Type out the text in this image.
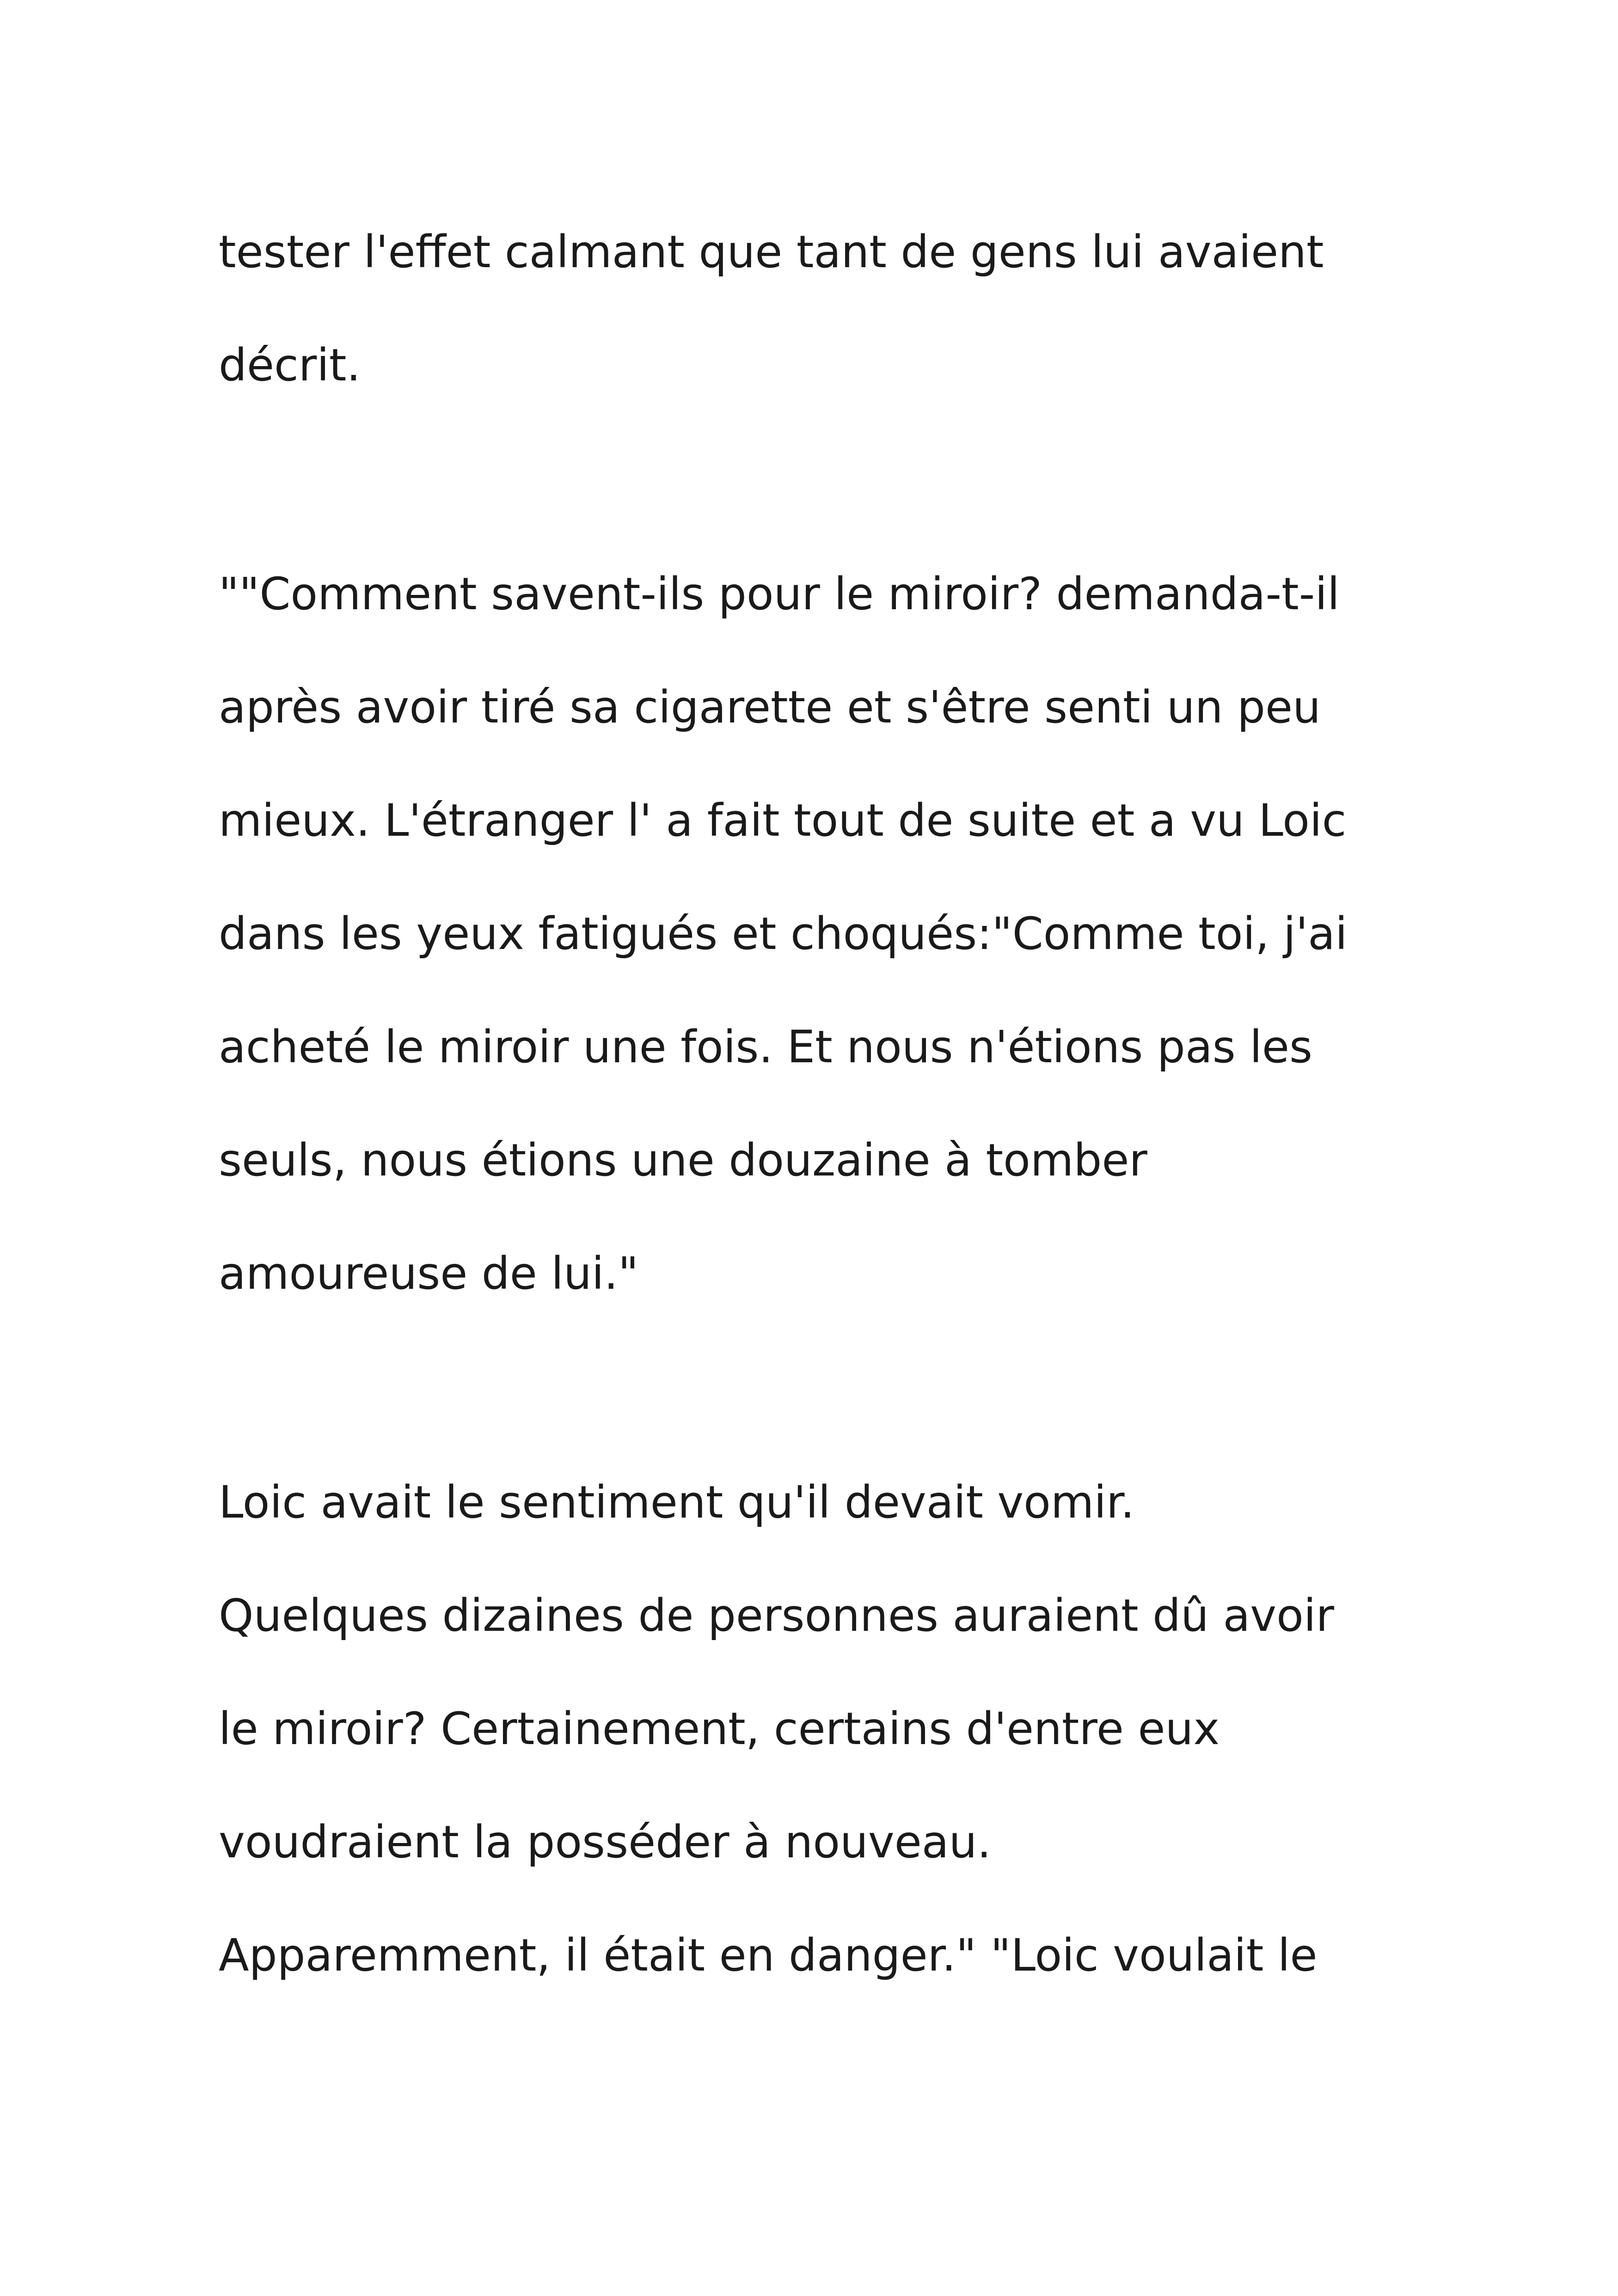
tester l'effet calmant que tant de gens lui avaient

décrit.

""Comment savent-ils pour le miroir? demanda-t-il

après avoir tiré sa cigarette et s'être senti un peu

mieux. L'étranger l' a fait tout de suite et a vu Loic

dans les yeux fatigués et choqués:"Comme toi, j'ai

acheté le miroir une fois. Et nous n'étions pas les

seuls, nous étions une douzaine à tomber

amoureuse de lui."

Loic avait le sentiment qu'il devait vomir.

Quelques dizaines de personnes auraient dû avoir

le miroir? Certainement, certains d'entre eux

voudraient la posséder à nouveau.

Apparemment, il était en danger." "Loic voulait le
